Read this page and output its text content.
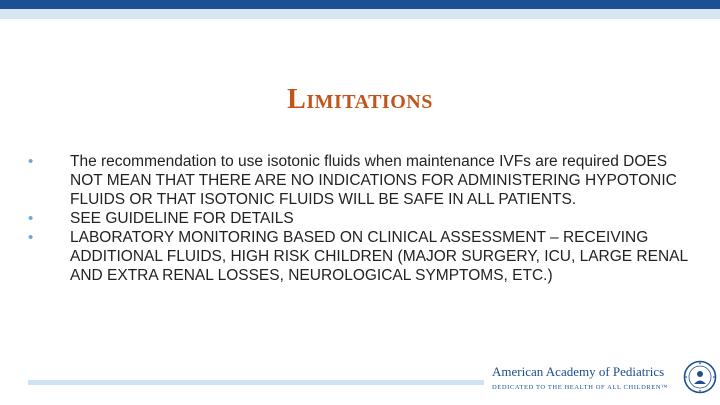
LIMITATIONS
• The recommendation to use isotonic fluids when maintenance IVFs are required DOES NOT MEAN THAT THERE ARE NO INDICATIONS FOR ADMINISTERING HYPOTONIC FLUIDS OR THAT ISOTONIC FLUIDS WILL BE SAFE IN ALL PATIENTS.
• SEE GUIDELINE FOR DETAILS
• LABORATORY MONITORING BASED ON CLINICAL ASSESSMENT – RECEIVING ADDITIONAL FLUIDS, HIGH RISK CHILDREN (MAJOR SURGERY, ICU, LARGE RENAL AND EXTRA RENAL LOSSES, NEUROLOGICAL SYMPTOMS, ETC.)
American Academy of Pediatrics
DEDICATED TO THE HEALTH OF ALL CHILDREN™
